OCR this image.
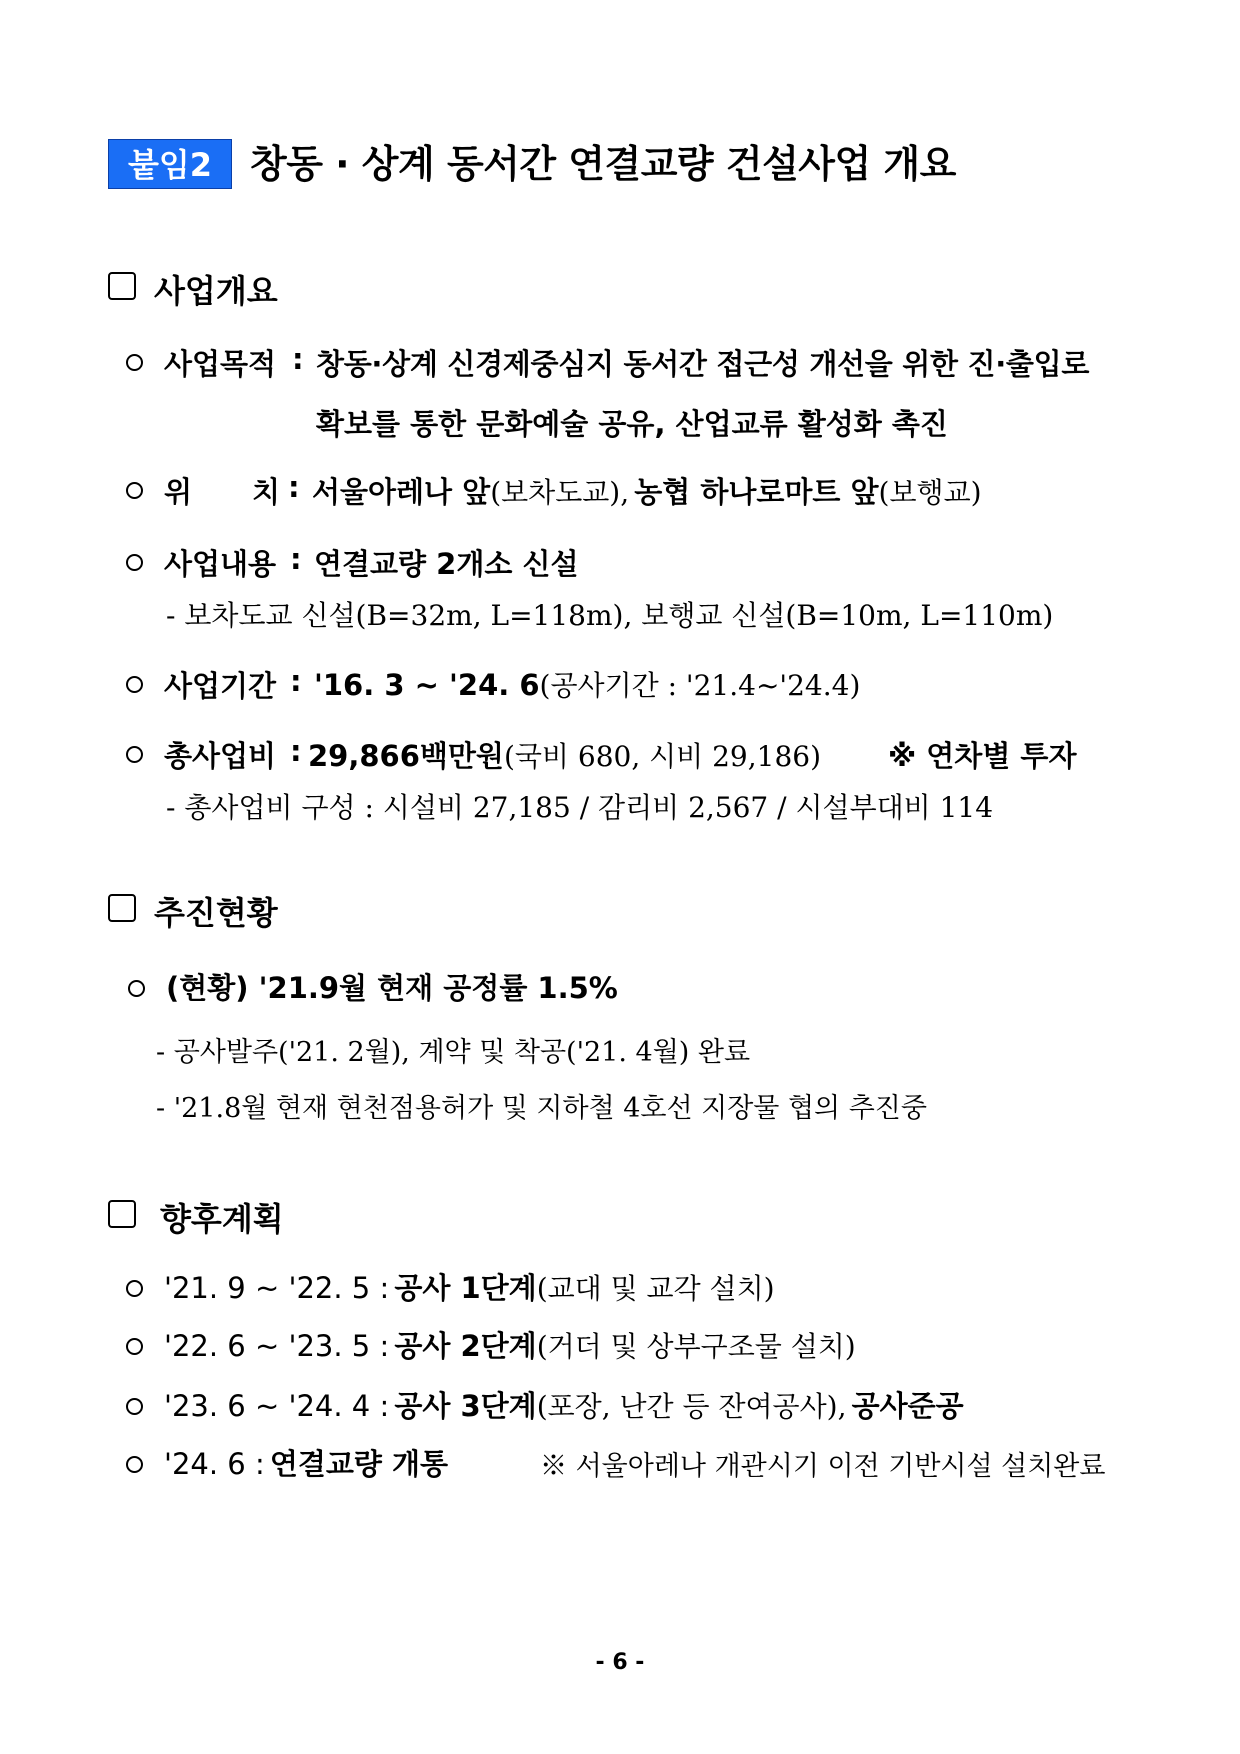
붙임2 창동 · 상계 동서간 연결교량 건설사업 개요
사업개요
사업목적 : 창동·상계 신경제중심지 동서간 접근성 개선을 위한 진·출입로
확보를 통한 문화예술 공유, 산업교류 활성화 촉진
위 치 : 서울아레나 앞(보차도교), 농협 하나로마트 앞(보행교)
사업내용 : 연결교량 2개소 신설
- 보차도교 신설(B=32m, L=118m), 보행교 신설(B=10m, L=110m)
사업기간 : '16. 3 ~ '24. 6(공사기간 : '21.4~'24.4)
총사업비 : 29,866백만원(국비 680, 시비 29,186) ※ 연차별 투자
- 총사업비 구성 : 시설비 27,185 / 감리비 2,567 / 시설부대비 114
추진현황
(현황) '21.9월 현재 공정률 1.5%
- 공사발주('21. 2월), 계약 및 착공('21. 4월) 완료
- '21.8월 현재 현천점용허가 및 지하철 4호선 지장물 협의 추진중
향후계획
'21. 9 ~ '22. 5 : 공사 1단계(교대 및 교각 설치)
'22. 6 ~ '23. 5 : 공사 2단계(거더 및 상부구조물 설치)
'23. 6 ~ '24. 4 : 공사 3단계(포장, 난간 등 잔여공사), 공사준공
'24. 6 : 연결교량 개통	※ 서울아레나 개관시기 이전 기반시설 설치완료
- 6 -
